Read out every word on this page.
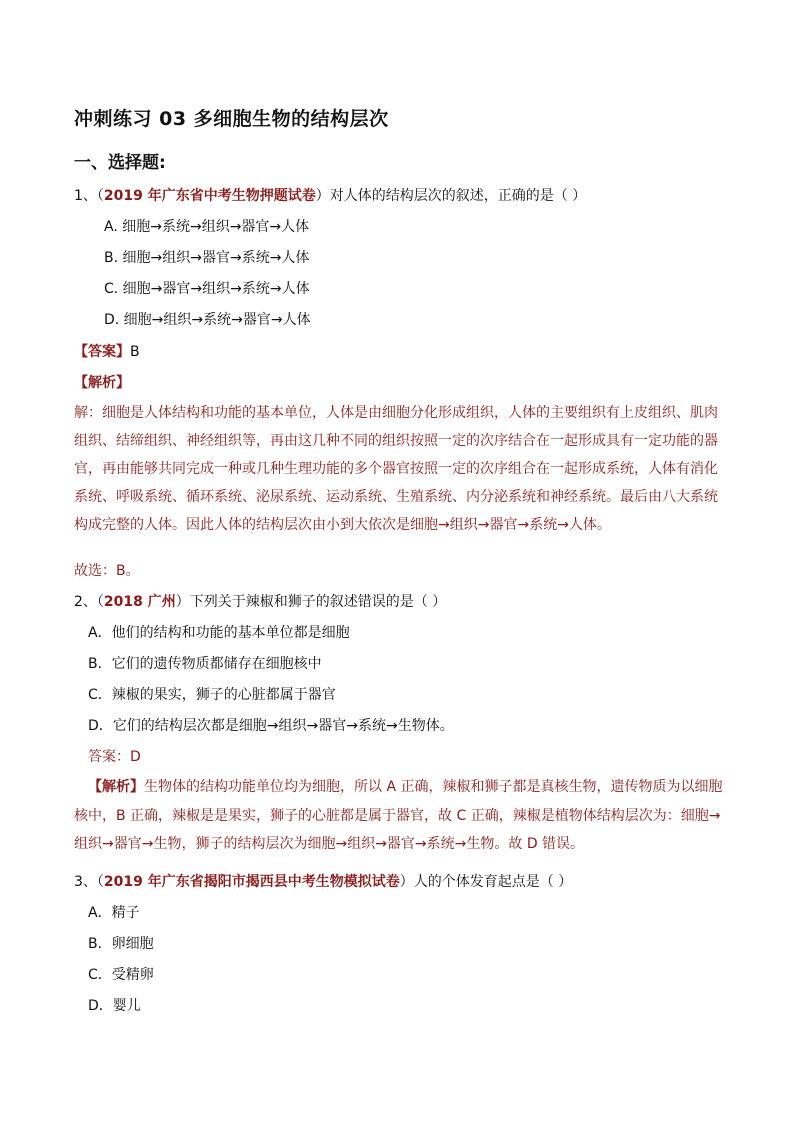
冲刺练习 03 多细胞生物的结构层次
一、选择题:
1、（2019 年广东省中考生物押题试卷）对人体的结构层次的叙述，正确的是（ ）
A. 细胞→系统→组织→器官→人体
B. 细胞→组织→器官→系统→人体
C. 细胞→器官→组织→系统→人体
D. 细胞→组织→系统→器官→人体
【答案】B
【解析】
解：细胞是人体结构和功能的基本单位，人体是由细胞分化形成组织，人体的主要组织有上皮组织、肌肉组织、结缔组织、神经组织等，再由这几种不同的组织按照一定的次序结合在一起形成具有一定功能的器官，再由能够共同完成一种或几种生理功能的多个器官按照一定的次序组合在一起形成系统，人体有消化系统、呼吸系统、循环系统、泌尿系统、运动系统、生殖系统、内分泌系统和神经系统。最后由八大系统构成完整的人体。因此人体的结构层次由小到大依次是细胞→组织→器官→系统→人体。
故选：B。
2、（2018 广州）下列关于辣椒和狮子的叙述错误的是（ ）
A．他们的结构和功能的基本单位都是细胞
B．它们的遗传物质都储存在细胞核中
C．辣椒的果实，狮子的心脏都属于器官
D．它们的结构层次都是细胞→组织→器官→系统→生物体。
答案：D
【解析】生物体的结构功能单位均为细胞，所以 A 正确，辣椒和狮子都是真核生物，遗传物质为以细胞核中，B 正确，辣椒是是果实，狮子的心脏都是属于器官，故 C 正确，辣椒是植物体结构层次为：细胞→组织→器官→生物，狮子的结构层次为细胞→组织→器官→系统→生物。故 D 错误。
3、（2019 年广东省揭阳市揭西县中考生物模拟试卷）人的个体发育起点是（ ）
A．精子
B．卵细胞
C．受精卵
D．婴儿
